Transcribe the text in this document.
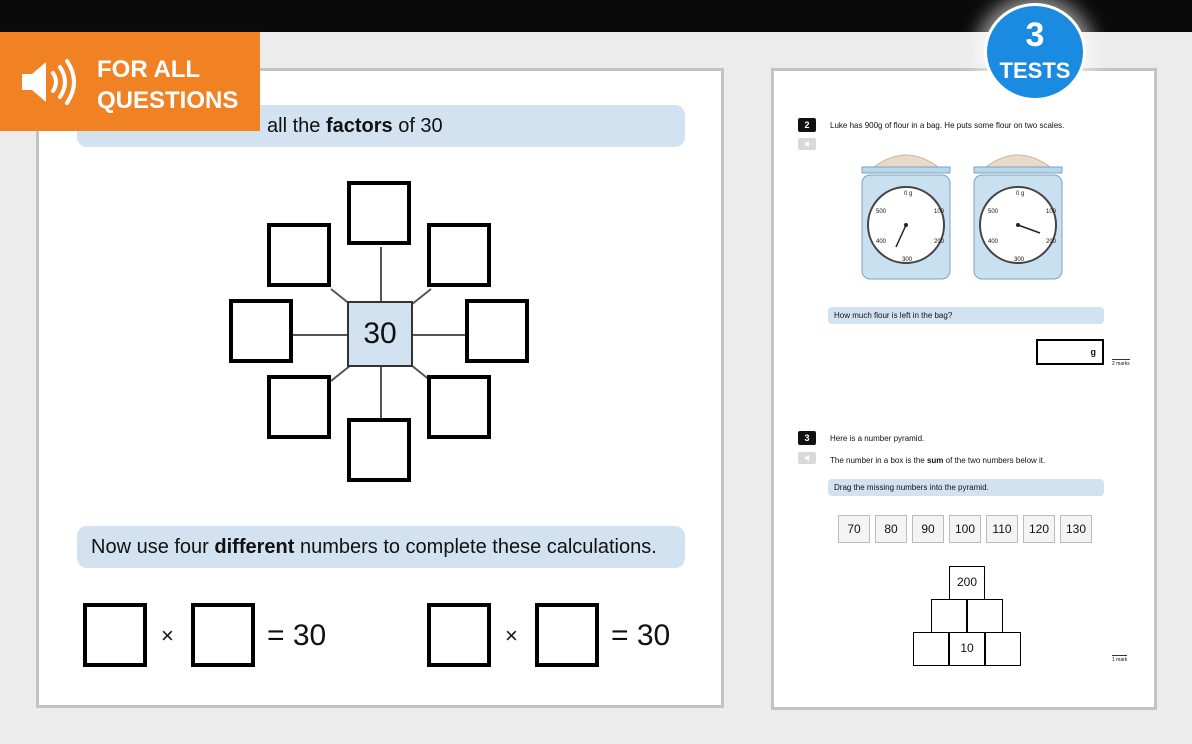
FOR ALL
QUESTIONS
3
TESTS
all the factors of 30
30
Now use four different numbers to complete these calculations.
×	= 30	×	= 30
2	Luke has 900g of flour in a bag. He puts some flour on two scales.
0 g
100
200
300
400
500
0 g
100
200
300
400
500
How much flour is left in the bag?
g
2 marks
3	Here is a number pyramid.
The number in a box is the sum of the two numbers below it.
Drag the missing numbers into the pyramid.
70	80	90	100	110	120	130
200
10
1 mark
